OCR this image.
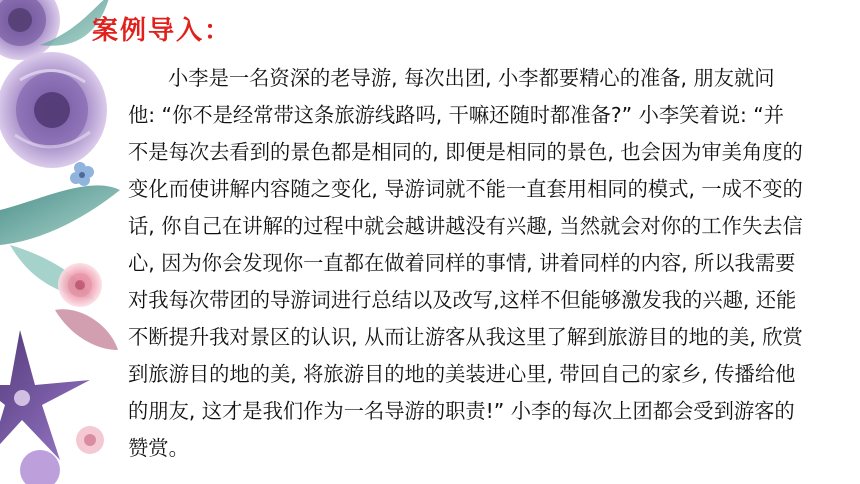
案例导入：
小李是一名资深的老导游, 每次出团, 小李都要精心的准备, 朋友就问
他: “你不是经常带这条旅游线路吗, 干嘛还随时都准备?” 小李笑着说: “并
不是每次去看到的景色都是相同的, 即便是相同的景色, 也会因为审美角度的
变化而使讲解内容随之变化, 导游词就不能一直套用相同的模式, 一成不变的
话, 你自己在讲解的过程中就会越讲越没有兴趣, 当然就会对你的工作失去信
心, 因为你会发现你一直都在做着同样的事情, 讲着同样的内容, 所以我需要
对我每次带团的导游词进行总结以及改写,这样不但能够激发我的兴趣, 还能
不断提升我对景区的认识, 从而让游客从我这里了解到旅游目的地的美, 欣赏
到旅游目的地的美, 将旅游目的地的美装进心里, 带回自己的家乡, 传播给他
的朋友, 这才是我们作为一名导游的职责!” 小李的每次上团都会受到游客的
赞赏。
